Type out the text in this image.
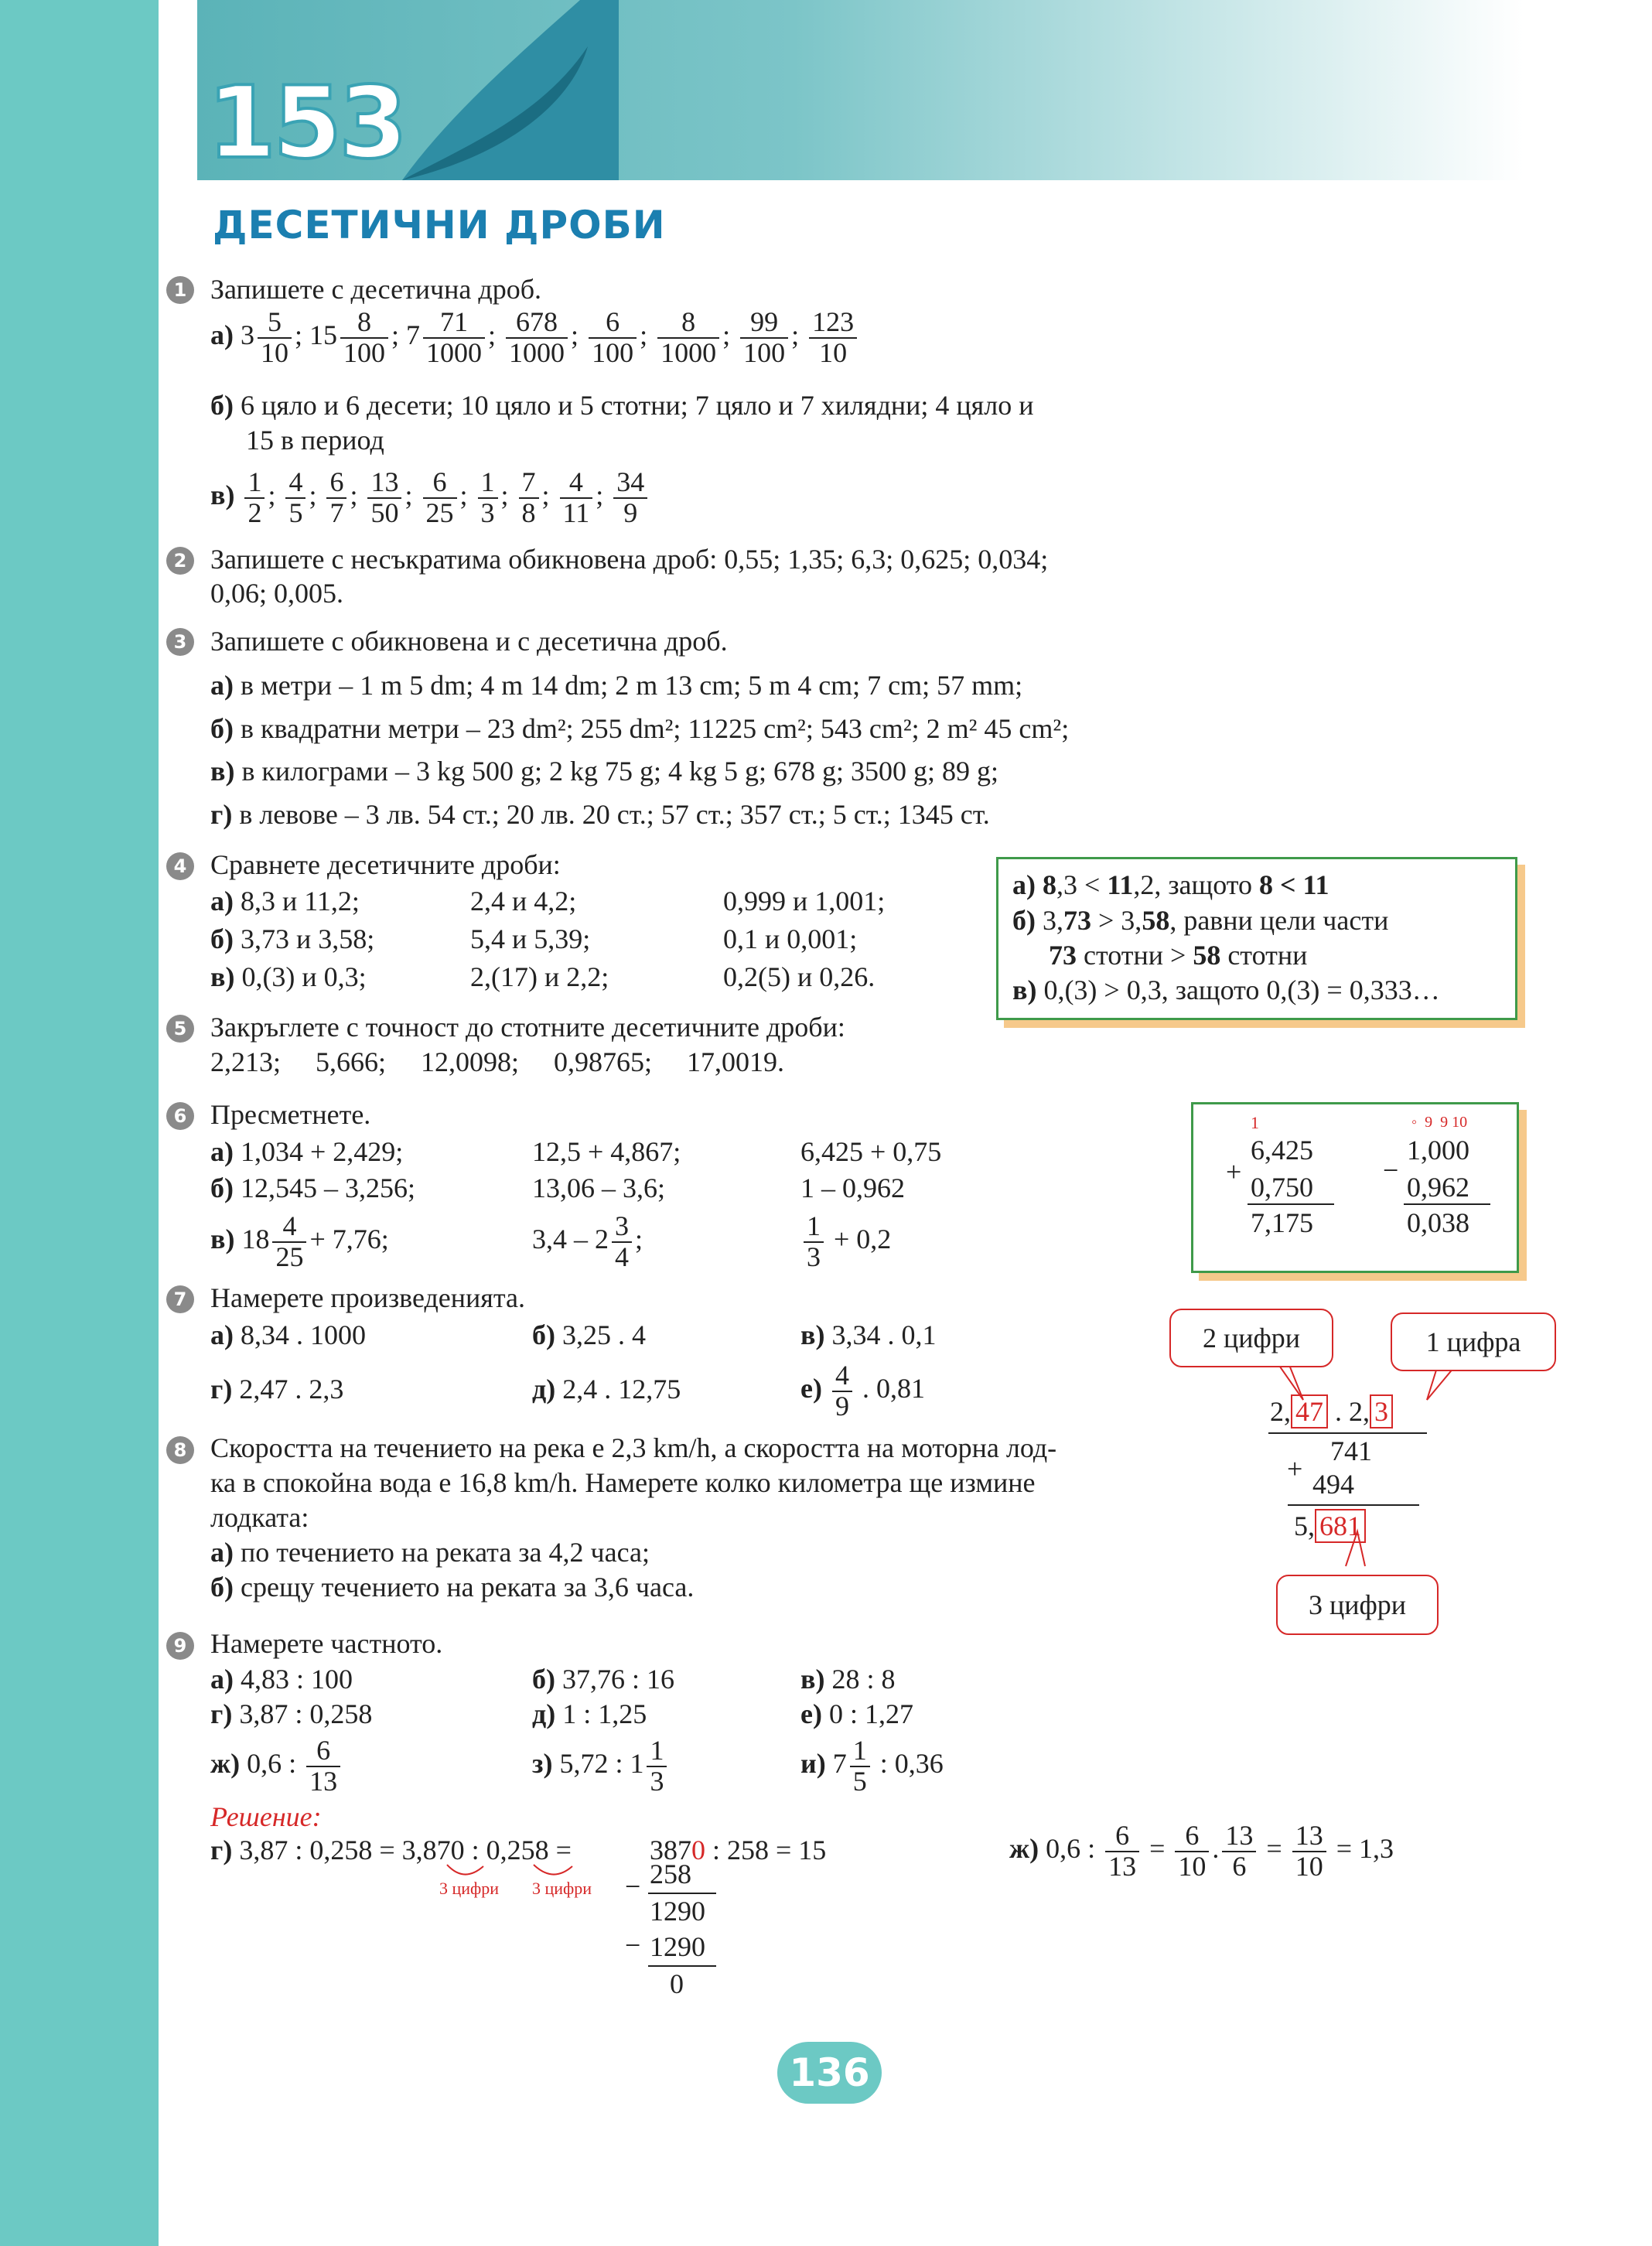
153
ДЕСЕТИЧНИ ДРОБИ
1 Запишете с десетична дроб.
а) $3 \frac{5}{10}$ ; $15 \frac{8}{100}$ ; $7 \frac{71}{1000}$ ; $\frac{678}{1000}$ ; $\frac{6}{100}$ ; $\frac{8}{1000}$ ; $\frac{99}{100}$ ; $\frac{123}{10}$
б) 6 цяло и 6 десети; 10 цяло и 5 стотни; 7 цяло и 7 хилядни; 4 цяло и
15 в период
$в) \frac{1}{2}$ ; $\frac{4}{5}$ ; $\frac{6}{7}$ ; $\frac{13}{50}$ ; $\frac{6}{25}$ ; $\frac{1}{3}$ ; $\frac{7}{8}$ ; $\frac{4}{11}$ ; $\frac{34}{9}$
2 Запишете с несъкратима обикновена дроб: 0,55; 1,35; 6,3; 0,625; 0,034;
0,06; 0,005.
3 Запишете с обикновена и с десетична дроб.
а) в метри – 1 m 5 dm; 4 m 14 dm; 2 m 13 cm; 5 m 4 cm; 7 cm; 57 mm;
б) в квадратни метри – 23 dm²; 255 dm²; 11225 cm²; 543 cm²; 2 m² 45 cm²;
в) в килограми – 3 kg 500 g; 2 kg 75 g; 4 kg 5 g; 678 g; 3500 g; 89 g;
г) в левове – 3 лв. 54 ст.; 20 лв. 20 ст.; 57 ст.; 357 ст.; 5 ст.; 1345 ст.
4 Сравнете десетичните дроби:
а) 8,3 и 11,2;	2,4 и 4,2;	0,999 и 1,001;
б) 3,73 и 3,58;	5,4 и 5,39;	0,1 и 0,001;
в) 0,(3) и 0,3;	2,(17) и 2,2;	0,2(5) и 0,26.
а) 8,3 < 11,2, защото 8 < 11
б) 3,73 > 3,58, равни цели части
73 стотни > 58 стотни
в) 0,(3) > 0,3, защото 0,(3) = 0,333…
5 Закръглете с точност до стотните десетичните дроби:
2,213;     5,666;     12,0098;     0,98765;     17,0019.
6 Пресметнете.
а) 1,034 + 2,429;	12,5 + 4,867;	6,425 + 0,75
б) 12,545 – 3,256;	13,06 – 3,6;	1 – 0,962
в) $18 \frac{4}{25} + 7,76$;	$3,4 - 2 \frac{3}{4}$ ;	$\frac{1}{3} + 0,2$
1
6,425
+ 0,750
7,175
◦  9  9 10
1,000
−
0,962
0,038
7 Намерете произведенията.
а) 8,34 . 1000	б) 3,25 . 4	в) 3,34 . 0,1
г) 2,47 . 2,3	д) 2,4 . 12,75	$е) \frac{4}{9}$ . 0,81
2 цифри	1 цифра
2, 47 . 2, 3
741
+ 494
5, 681
3 цифри
8 Скоростта на течението на река е 2,3 km/h, а скоростта на моторна лод-
ка в спокойна вода е 16,8 km/h. Намерете колко километра ще измине
лодката:
а) по течението на реката за 4,2 часа;
б) срещу течението на реката за 3,6 часа.
9 Намерете частното.
а) 4,83 : 100	б) 37,76 : 16	в) 28 : 8
г) 3,87 : 0,258	д) 1 : 1,25	е) 0 : 1,27
ж) 0,6 : $\frac{6}{13}$	з) 5,72 : $1 \frac{1}{3}$	и) $7 \frac{1}{5}$ : 0,36
Решение:
г) 3,87 : 0,258 = 3,870 : 0,258 =	3870 : 258 = 15
3 цифри 3 цифри − 258
1290
− 1290
0
ж) 0,6 : $\frac{6}{13} = \frac{6}{10}$ . $\frac{13}{6} = \frac{13}{10} = 1,3$
136
